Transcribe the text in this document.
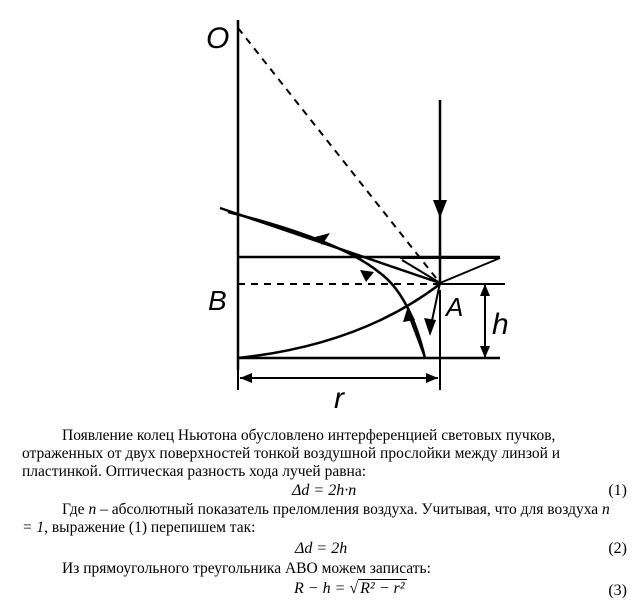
O
B	A
h
r
Появление колец Ньютона обусловлено интерференцией световых пучков, отраженных от двух поверхностей тонкой воздушной прослойки между линзой и пластинкой. Оптическая разность хода лучей равна:
Δd = 2h·n	(1)
Где n – абсолютный показатель преломления воздуха. Учитывая, что для воздуха n = 1, выражение (1) перепишем так:
Δd = 2h	(2)
Из прямоугольного треугольника АВО можем записать:
R − h = √ R² − r²	(3)
